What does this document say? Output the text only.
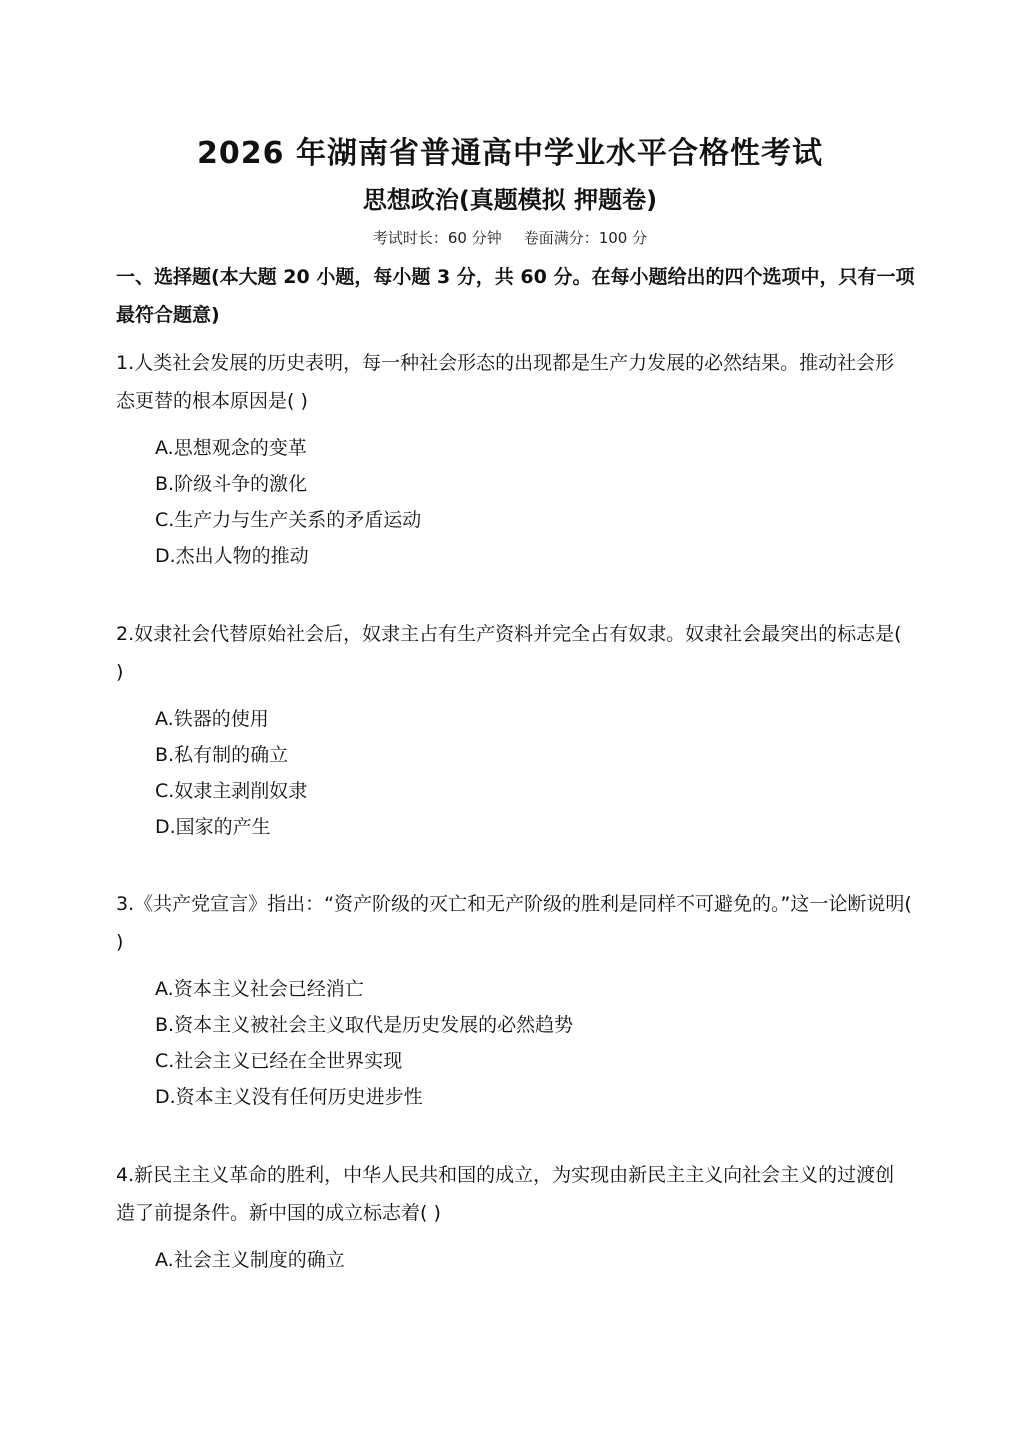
2026 年湖南省普通高中学业水平合格性考试
思想政治(真题模拟 押题卷)
考试时长：60 分钟 卷面满分：100 分
一、选择题(本大题 20 小题，每小题 3 分，共 60 分。在每小题给出的四个选项中，只有一项最符合题意)
1.人类社会发展的历史表明，每一种社会形态的出现都是生产力发展的必然结果。推动社会形态更替的根本原因是( )
A.思想观念的变革
B.阶级斗争的激化
C.生产力与生产关系的矛盾运动
D.杰出人物的推动
2.奴隶社会代替原始社会后，奴隶主占有生产资料并完全占有奴隶。奴隶社会最突出的标志是( )
A.铁器的使用
B.私有制的确立
C.奴隶主剥削奴隶
D.国家的产生
3.《共产党宣言》指出：“资产阶级的灭亡和无产阶级的胜利是同样不可避免的。”这一论断说明( )
A.资本主义社会已经消亡
B.资本主义被社会主义取代是历史发展的必然趋势
C.社会主义已经在全世界实现
D.资本主义没有任何历史进步性
4.新民主主义革命的胜利，中华人民共和国的成立，为实现由新民主主义向社会主义的过渡创造了前提条件。新中国的成立标志着( )
A.社会主义制度的确立
